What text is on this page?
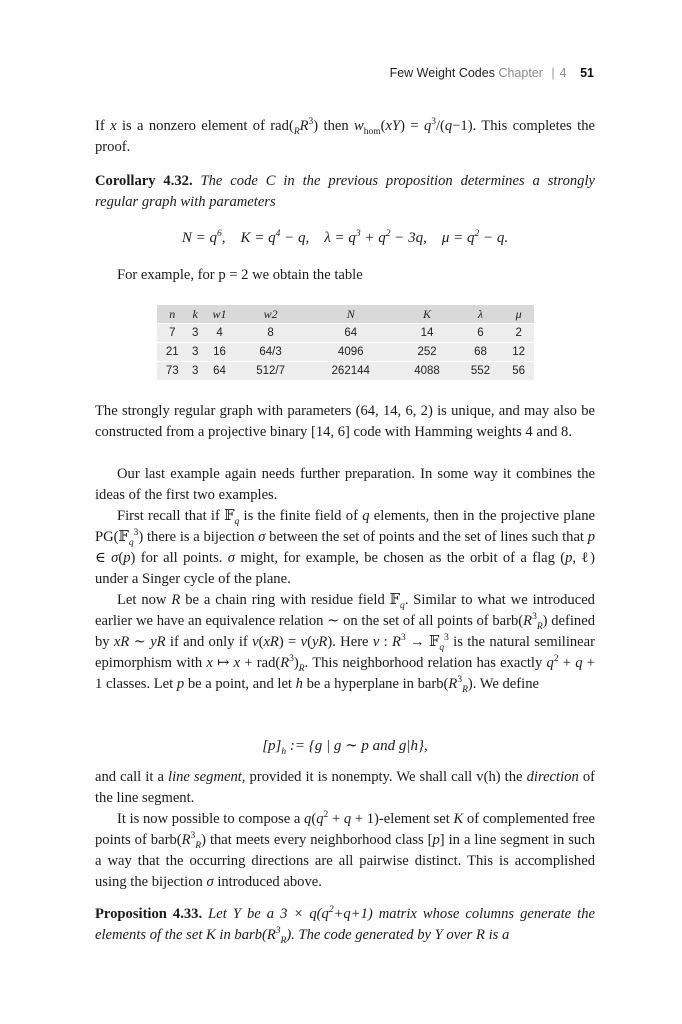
Few Weight Codes Chapter | 4 51
If x is a nonzero element of $rad(_RR^3)$ then $w_{hom}(xY) = q^3/(q-1)$. This completes the proof.
Corollary 4.32. The code C in the previous proposition determines a strongly regular graph with parameters
$N = q^6$,    $K = q^4 - q$,    $\lambda = q^3 + q^2 - 3q$,    $\mu = q^2 - q$.
For example, for p = 2 we obtain the table
n	k	w1	w2	N	K	λ	μ
7	3	4	8	64	14	6	2
21	3	16	64/3	4096	252	68	12
73	3	64	512/7	262144	4088	552	56
The strongly regular graph with parameters (64, 14, 6, 2) is unique, and may also be constructed from a projective binary [14, 6] code with Hamming weights 4 and 8.
Our last example again needs further preparation. In some way it combines the ideas of the first two examples.
First recall that if 𝔽$_q$ is the finite field of q elements, then in the projective plane PG(𝔽$_q^3$) there is a bijection σ between the set of points and the set of lines such that p ∈ σ(p) for all points. σ might, for example, be chosen as the orbit of a flag (p, ℓ) under a Singer cycle of the plane.
Let now R be a chain ring with residue field 𝔽$_q$. Similar to what we introduced earlier we have an equivalence relation ∼ on the set of all points of $barb(R^3_R)$ defined by xR ∼ yR if and only if v(xR) = v(yR). Here v : $R^3$ → 𝔽$_q^3$ is the natural semilinear epimorphism with x ↦ $x + rad(R^3)_R$. This neighborhood relation has exactly $q^2 + q + 1$ classes. Let p be a point, and let h be a hyperplane in $barb(R^3_R)$. We define
$[p]_h$ := {g | g ∼ p and g|h},
and call it a line segment, provided it is nonempty. We shall call v(h) the direction of the line segment.
It is now possible to compose a $q(q^2 + q$ + 1)-element set K of complemented free points of $barb(R^3_R)$ that meets every neighborhood class [p] in a line segment in such a way that the occurring directions are all pairwise distinct. This is accomplished using the bijection σ introduced above.
Proposition 4.33. Let Y be a $3 \times q(q^2+q+1)$ matrix whose columns generate the elements of the set K in $barb(R^3_R)$. The code generated by Y over R is a
